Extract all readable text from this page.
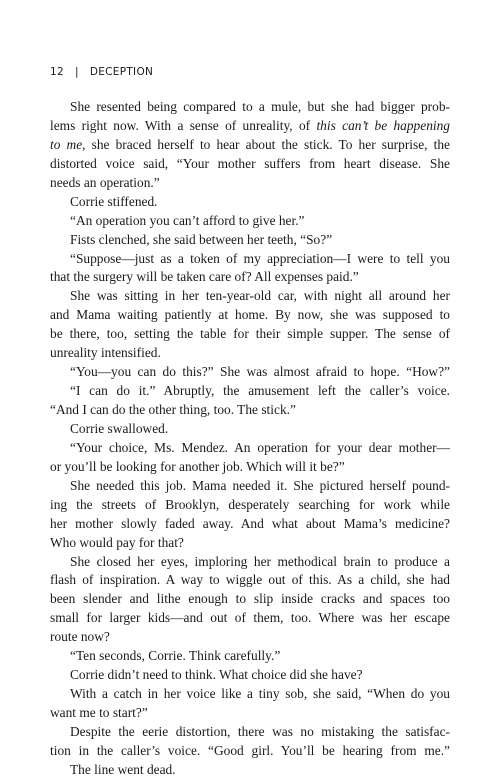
12 | DECEPTION
She resented being compared to a mule, but she had bigger prob-
lems right now. With a sense of unreality, of this can’t be happening
to me, she braced herself to hear about the stick. To her surprise, the
distorted voice said, “Your mother suffers from heart disease. She
needs an operation.”
Corrie stiffened.
“An operation you can’t afford to give her.”
Fists clenched, she said between her teeth, “So?”
“Suppose—just as a token of my appreciation—I were to tell you
that the surgery will be taken care of? All expenses paid.”
She was sitting in her ten-year-old car, with night all around her
and Mama waiting patiently at home. By now, she was supposed to
be there, too, setting the table for their simple supper. The sense of
unreality intensified.
“You—you can do this?” She was almost afraid to hope. “How?”
“I can do it.” Abruptly, the amusement left the caller’s voice.
“And I can do the other thing, too. The stick.”
Corrie swallowed.
“Your choice, Ms. Mendez. An operation for your dear mother—
or you’ll be looking for another job. Which will it be?”
She needed this job. Mama needed it. She pictured herself pound-
ing the streets of Brooklyn, desperately searching for work while
her mother slowly faded away. And what about Mama’s medicine?
Who would pay for that?
She closed her eyes, imploring her methodical brain to produce a
flash of inspiration. A way to wiggle out of this. As a child, she had
been slender and lithe enough to slip inside cracks and spaces too
small for larger kids—and out of them, too. Where was her escape
route now?
“Ten seconds, Corrie. Think carefully.”
Corrie didn’t need to think. What choice did she have?
With a catch in her voice like a tiny sob, she said, “When do you
want me to start?”
Despite the eerie distortion, there was no mistaking the satisfac-
tion in the caller’s voice. “Good girl. You’ll be hearing from me.”
The line went dead.
